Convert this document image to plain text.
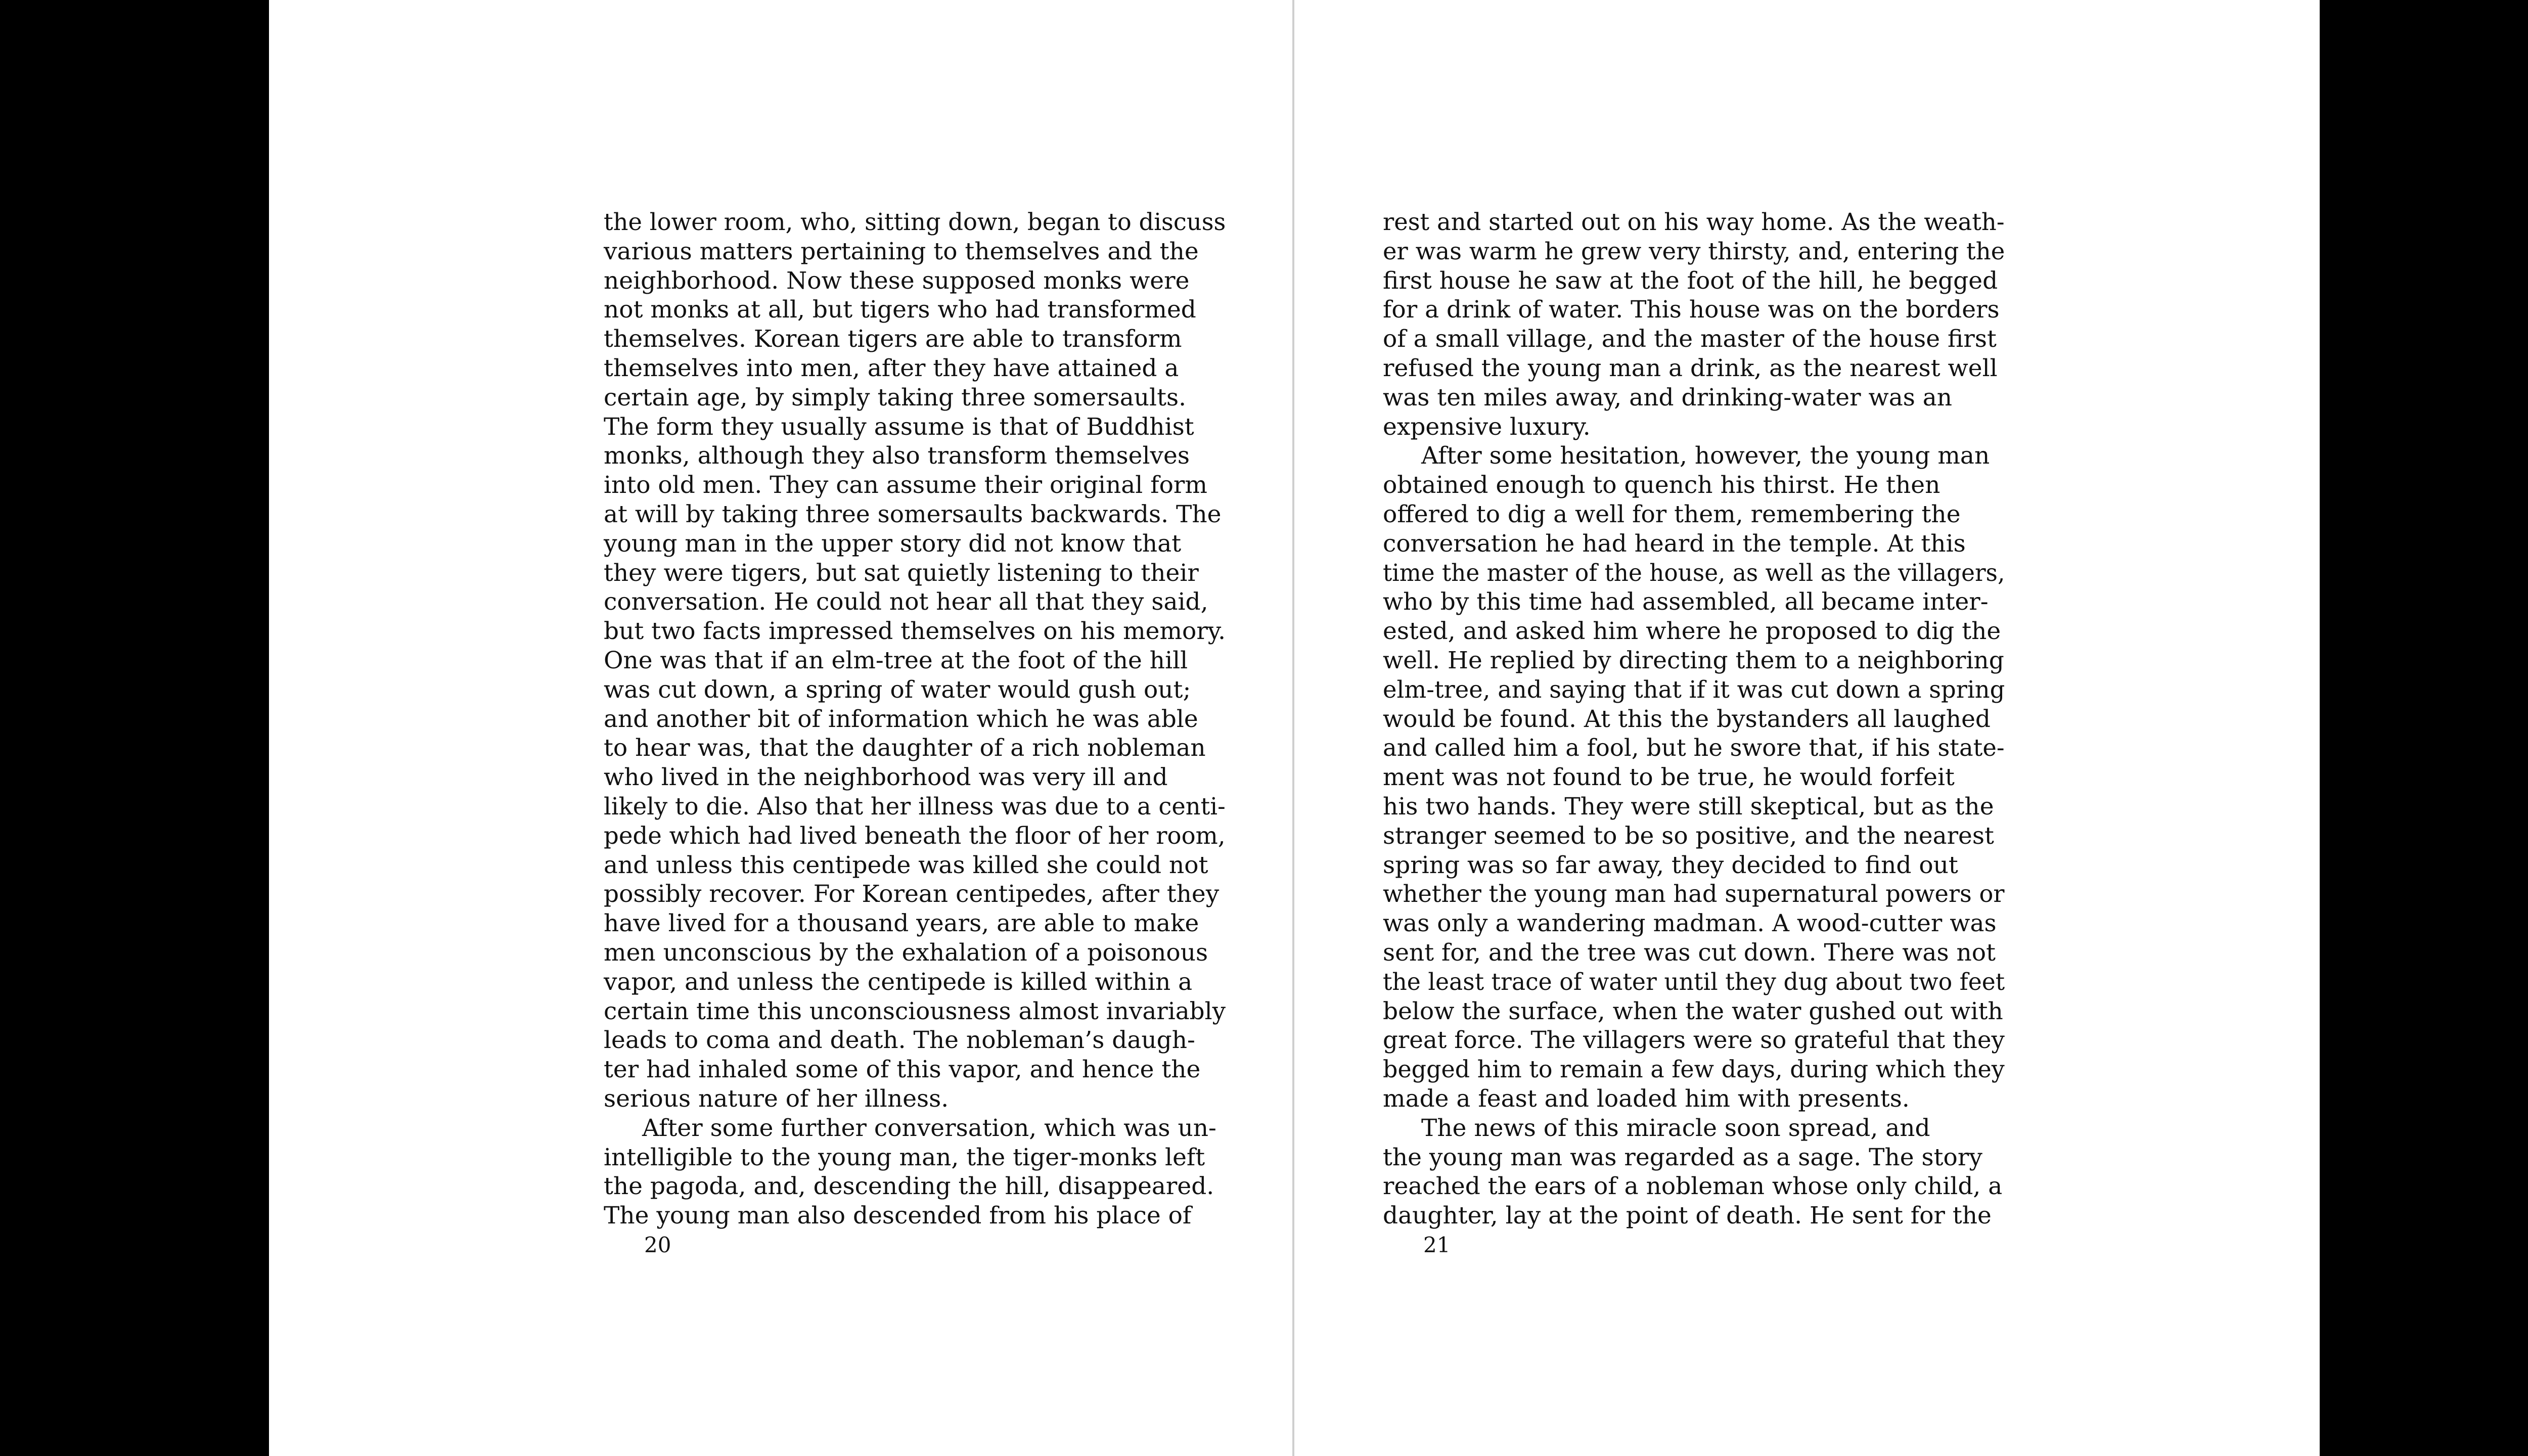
the lower room, who, sitting down, began to discuss
various matters pertaining to themselves and the
neighborhood. Now these supposed monks were
not monks at all, but tigers who had transformed
themselves. Korean tigers are able to transform
themselves into men, after they have attained a
certain age, by simply taking three somersaults.
The form they usually assume is that of Buddhist
monks, although they also transform themselves
into old men. They can assume their original form
at will by taking three somersaults backwards. The
young man in the upper story did not know that
they were tigers, but sat quietly listening to their
conversation. He could not hear all that they said,
but two facts impressed themselves on his memory.
One was that if an elm-tree at the foot of the hill
was cut down, a spring of water would gush out;
and another bit of information which he was able
to hear was, that the daughter of a rich nobleman
who lived in the neighborhood was very ill and
likely to die. Also that her illness was due to a centi-
pede which had lived beneath the floor of her room,
and unless this centipede was killed she could not
possibly recover. For Korean centipedes, after they
have lived for a thousand years, are able to make
men unconscious by the exhalation of a poisonous
vapor, and unless the centipede is killed within a
certain time this unconsciousness almost invariably
leads to coma and death. The nobleman’s daugh-
ter had inhaled some of this vapor, and hence the
serious nature of her illness.
After some further conversation, which was un-
intelligible to the young man, the tiger-monks left
the pagoda, and, descending the hill, disappeared.
The young man also descended from his place of
20
rest and started out on his way home. As the weath-
er was warm he grew very thirsty, and, entering the
first house he saw at the foot of the hill, he begged
for a drink of water. This house was on the borders
of a small village, and the master of the house first
refused the young man a drink, as the nearest well
was ten miles away, and drinking-water was an
expensive luxury.
After some hesitation, however, the young man
obtained enough to quench his thirst. He then
offered to dig a well for them, remembering the
conversation he had heard in the temple. At this
time the master of the house, as well as the villagers,
who by this time had assembled, all became inter-
ested, and asked him where he proposed to dig the
well. He replied by directing them to a neighboring
elm-tree, and saying that if it was cut down a spring
would be found. At this the bystanders all laughed
and called him a fool, but he swore that, if his state-
ment was not found to be true, he would forfeit
his two hands. They were still skeptical, but as the
stranger seemed to be so positive, and the nearest
spring was so far away, they decided to find out
whether the young man had supernatural powers or
was only a wandering madman. A wood-cutter was
sent for, and the tree was cut down. There was not
the least trace of water until they dug about two feet
below the surface, when the water gushed out with
great force. The villagers were so grateful that they
begged him to remain a few days, during which they
made a feast and loaded him with presents.
The news of this miracle soon spread, and
the young man was regarded as a sage. The story
reached the ears of a nobleman whose only child, a
daughter, lay at the point of death. He sent for the
21
